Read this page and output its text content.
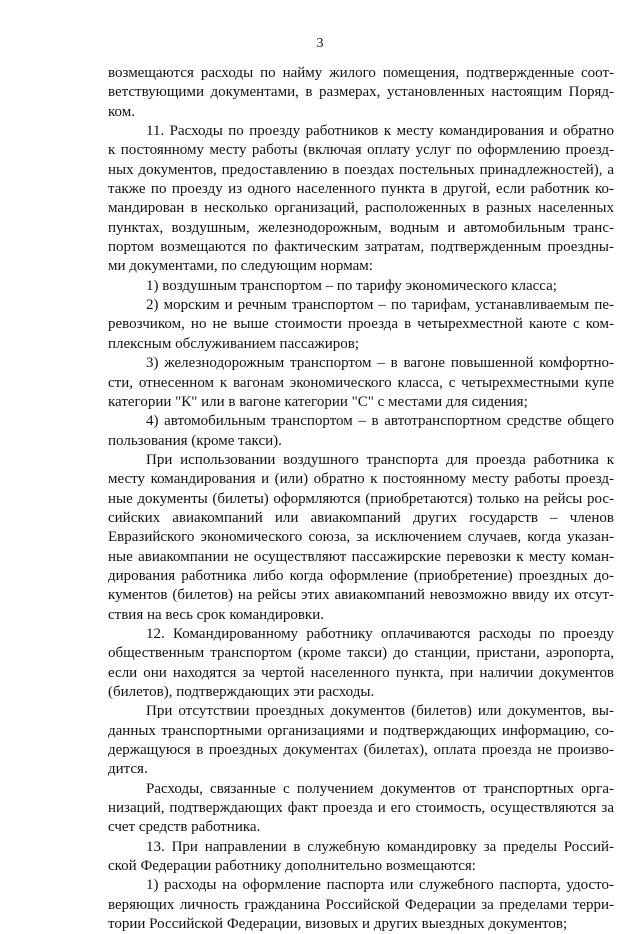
3
возмещаются расходы по найму жилого помещения, подтвержденные соот-
ветствующими документами, в размерах, установленных настоящим Поряд-
ком.
11. Расходы по проезду работников к месту командирования и обратно
к постоянному месту работы (включая оплату услуг по оформлению проезд-
ных документов, предоставлению в поездах постельных принадлежностей), а
также по проезду из одного населенного пункта в другой, если работник ко-
мандирован в несколько организаций, расположенных в разных населенных
пунктах, воздушным, железнодорожным, водным и автомобильным транс-
портом возмещаются по фактическим затратам, подтвержденным проездны-
ми документами, по следующим нормам:
1) воздушным транспортом – по тарифу экономического класса;
2) морским и речным транспортом – по тарифам, устанавливаемым пе-
ревозчиком, но не выше стоимости проезда в четырехместной каюте с ком-
плексным обслуживанием пассажиров;
3) железнодорожным транспортом – в вагоне повышенной комфортно-
сти, отнесенном к вагонам экономического класса, с четырехместными купе
категории "К" или в вагоне категории "С" с местами для сидения;
4) автомобильным транспортом – в автотранспортном средстве общего
пользования (кроме такси).
При использовании воздушного транспорта для проезда работника к
месту командирования и (или) обратно к постоянному месту работы проезд-
ные документы (билеты) оформляются (приобретаются) только на рейсы рос-
сийских авиакомпаний или авиакомпаний других государств – членов
Евразийского экономического союза, за исключением случаев, когда указан-
ные авиакомпании не осуществляют пассажирские перевозки к месту коман-
дирования работника либо когда оформление (приобретение) проездных до-
кументов (билетов) на рейсы этих авиакомпаний невозможно ввиду их отсут-
ствия на весь срок командировки.
12. Командированному работнику оплачиваются расходы по проезду
общественным транспортом (кроме такси) до станции, пристани, аэропорта,
если они находятся за чертой населенного пункта, при наличии документов
(билетов), подтверждающих эти расходы.
При отсутствии проездных документов (билетов) или документов, вы-
данных транспортными организациями и подтверждающих информацию, со-
держащуюся в проездных документах (билетах), оплата проезда не произво-
дится.
Расходы, связанные с получением документов от транспортных орга-
низаций, подтверждающих факт проезда и его стоимость, осуществляются за
счет средств работника.
13. При направлении в служебную командировку за пределы Россий-
ской Федерации работнику дополнительно возмещаются:
1) расходы на оформление паспорта или служебного паспорта, удосто-
веряющих личность гражданина Российской Федерации за пределами терри-
тории Российской Федерации, визовых и других выездных документов;
